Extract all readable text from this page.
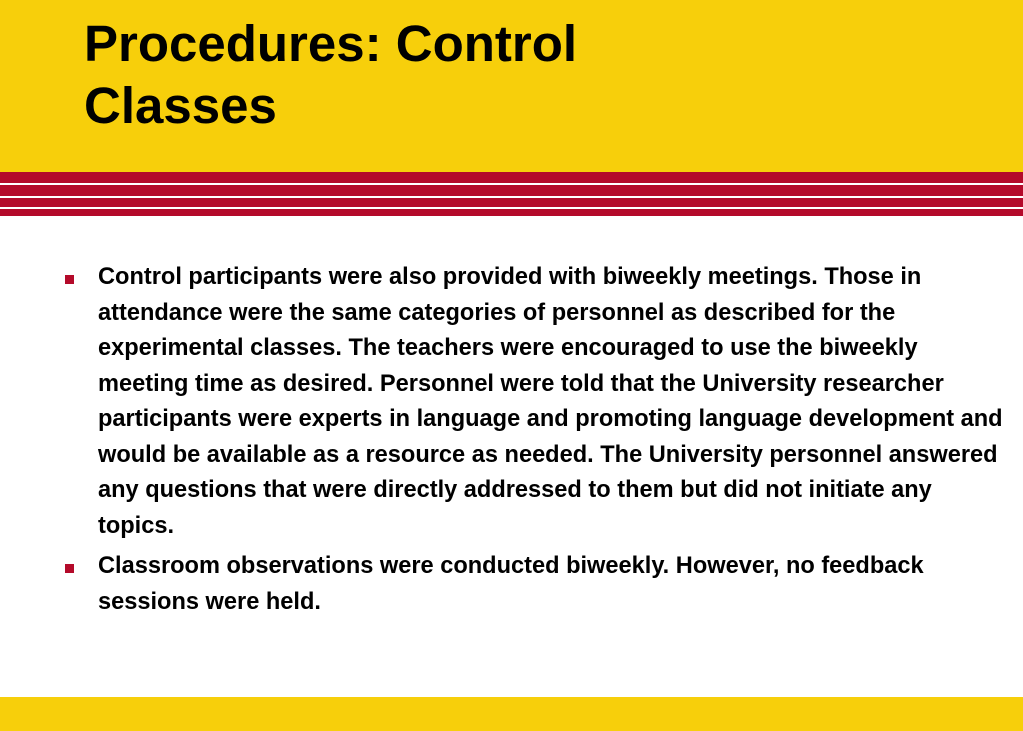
Procedures: Control
Classes
Control participants were also provided with biweekly meetings. Those in attendance were the same categories of personnel as described for the experimental classes. The teachers were encouraged to use the biweekly meeting time as desired. Personnel were told that the University researcher participants were experts in language and promoting language development and would be available as a resource as needed. The University personnel answered any questions that were directly addressed to them but did not initiate any topics.
Classroom observations were conducted biweekly. However, no feedback sessions were held.
